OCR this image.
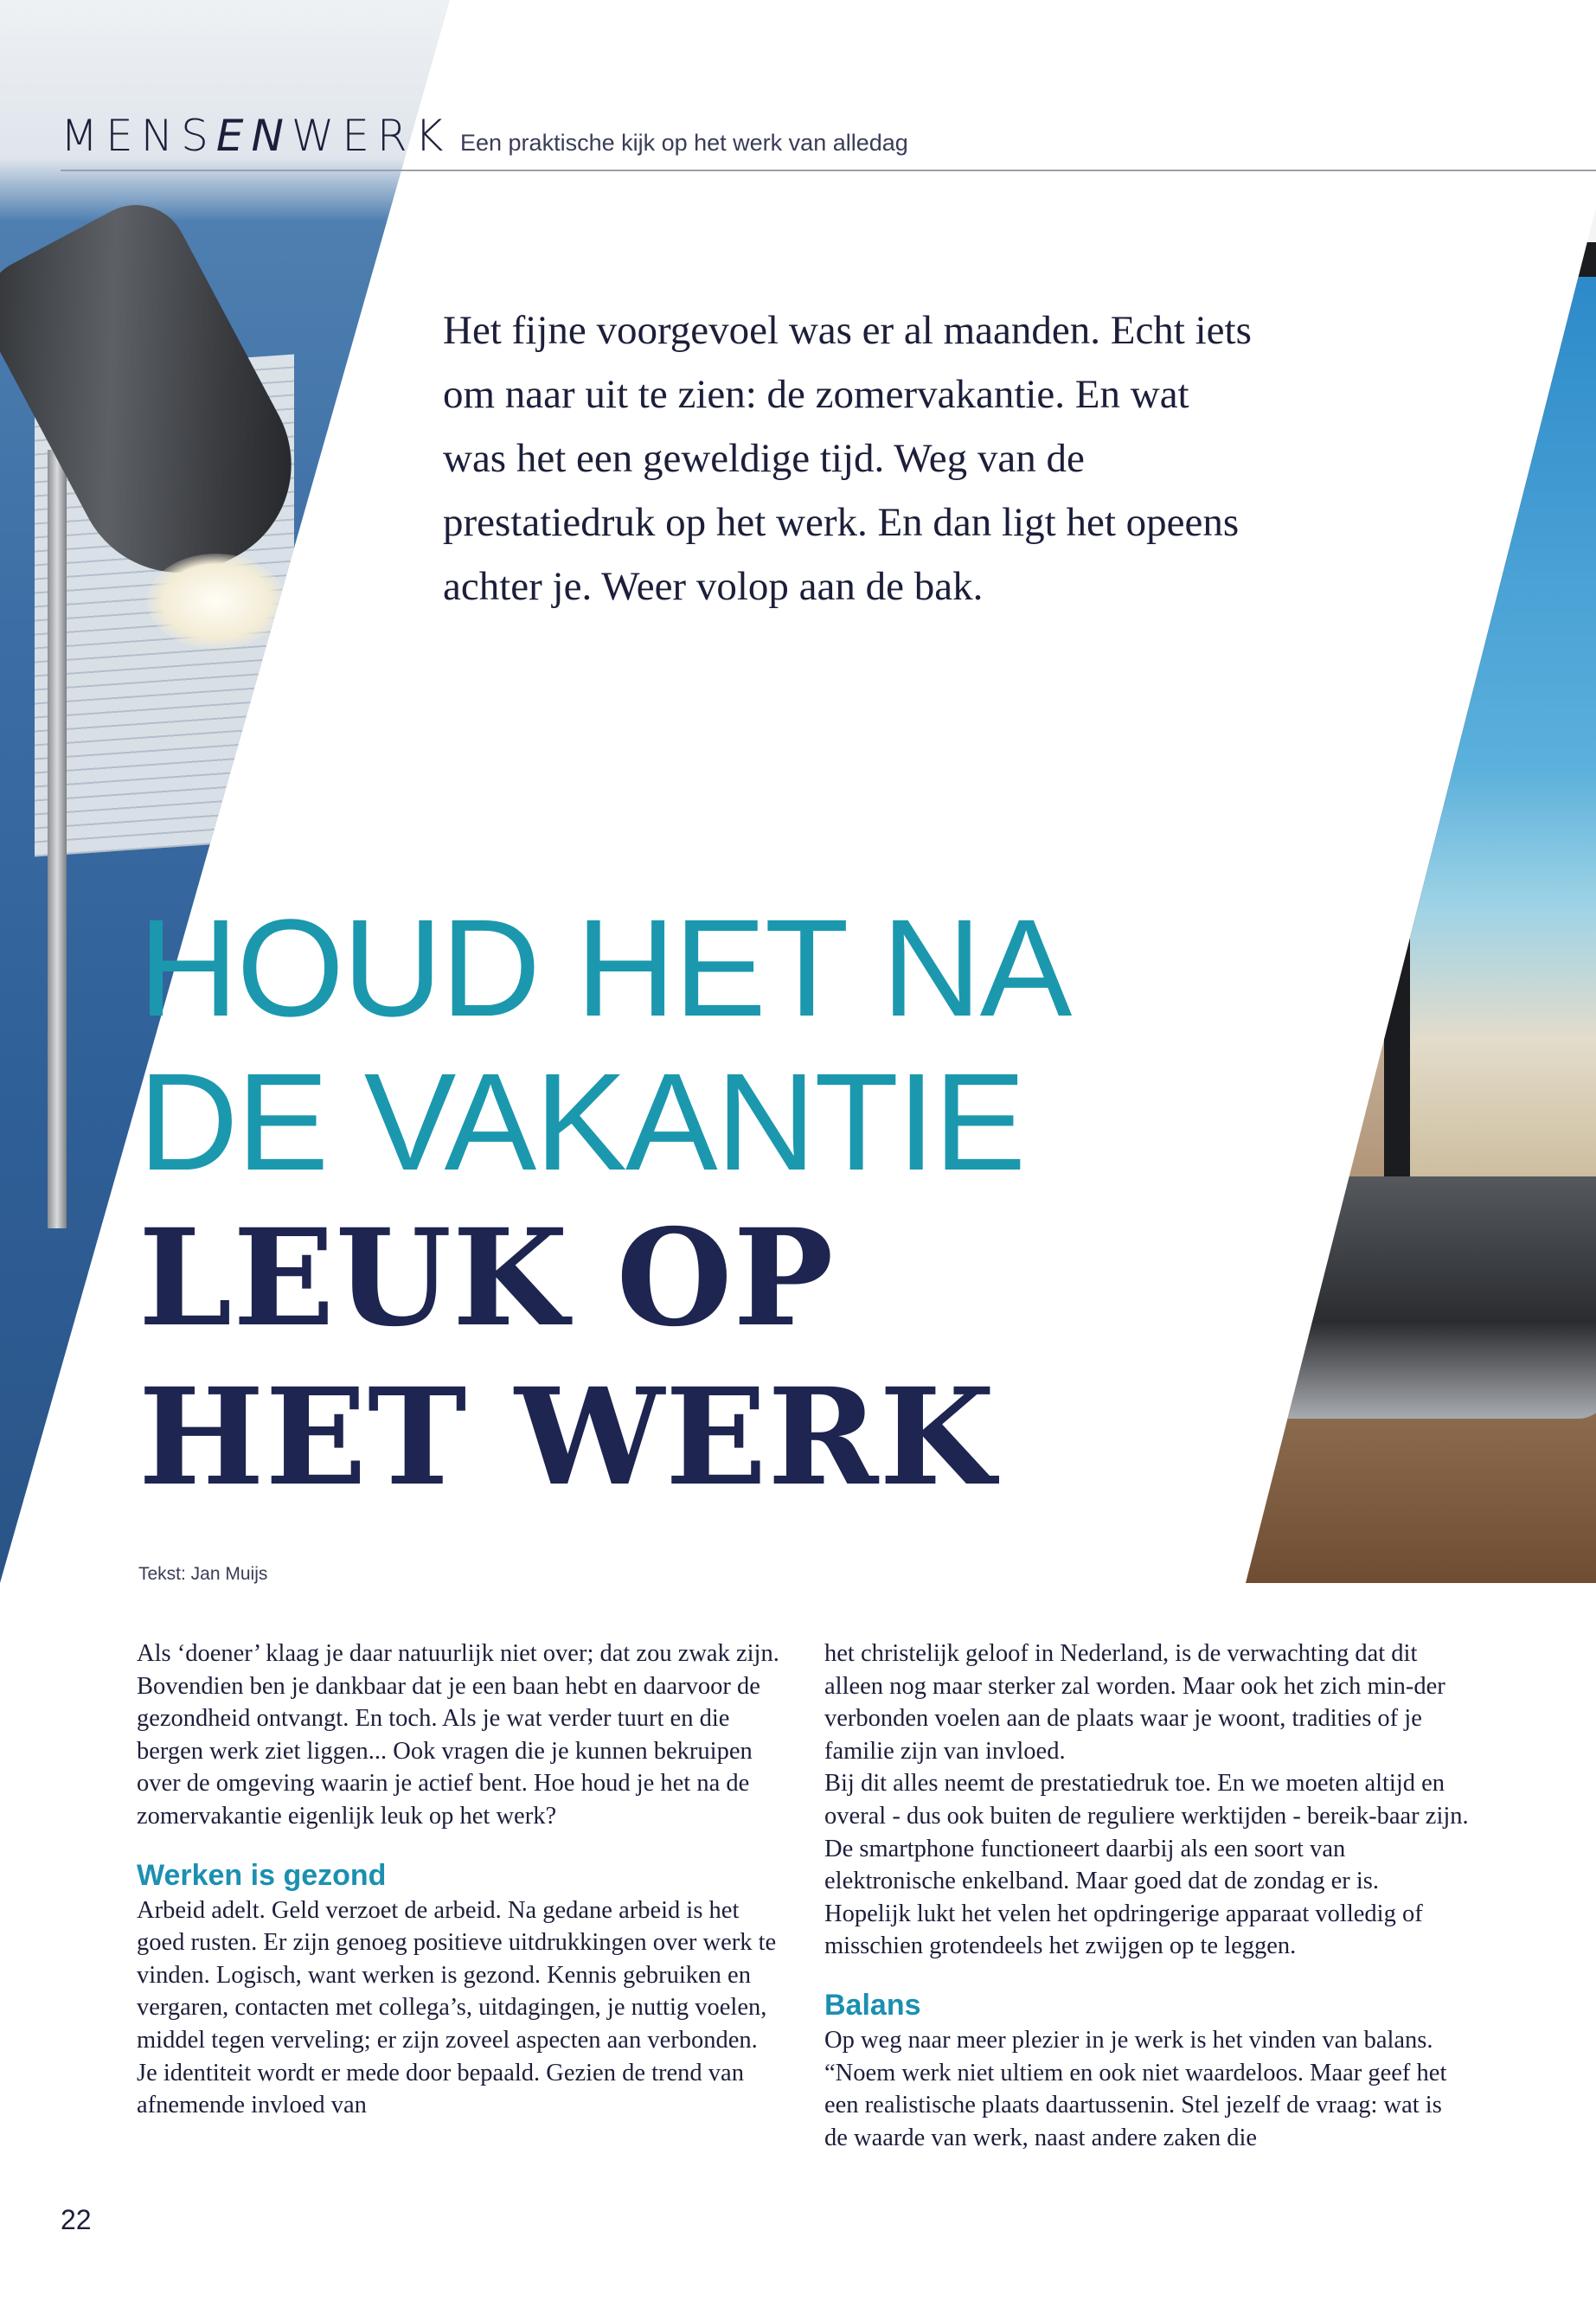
MENSENWERK Een praktische kijk op het werk van alledag
Het fijne voorgevoel was er al maanden. Echt iets om naar uit te zien: de zomervakantie. En wat was het een geweldige tijd. Weg van de prestatiedruk op het werk. En dan ligt het opeens achter je. Weer volop aan de bak.
HOUD HET NA
DE VAKANTIE
LEUK OP
HET WERK
Tekst: Jan Muijs

Als ‘doener’ klaag je daar natuurlijk niet over; dat zou zwak zijn. Bovendien ben je dankbaar dat je een baan hebt en daarvoor de gezondheid ontvangt. En toch. Als je wat verder tuurt en die bergen werk ziet liggen... Ook vragen die je kunnen bekruipen over de omgeving waarin je actief bent. Hoe houd je het na de zomervakantie eigenlijk leuk op het werk?

Werken is gezond

Arbeid adelt. Geld verzoet de arbeid. Na gedane arbeid is het goed rusten. Er zijn genoeg positieve uitdrukkingen over werk te vinden. Logisch, want werken is gezond. Kennis gebruiken en vergaren, contacten met collega’s, uitdagingen, je nuttig voelen, middel tegen verveling; er zijn zoveel aspecten aan verbonden. Je identiteit wordt er mede door bepaald. Gezien de trend van afnemende invloed van

het christelijk geloof in Nederland, is de verwachting dat dit alleen nog maar sterker zal worden. Maar ook het zich min-der verbonden voelen aan de plaats waar je woont, tradities of je familie zijn van invloed.

Bij dit alles neemt de prestatiedruk toe. En we moeten altijd en overal - dus ook buiten de reguliere werktijden - bereik-baar zijn. De smartphone functioneert daarbij als een soort van elektronische enkelband. Maar goed dat de zondag er is. Hopelijk lukt het velen het opdringerige apparaat volledig of misschien grotendeels het zwijgen op te leggen.

Balans

Op weg naar meer plezier in je werk is het vinden van balans. “Noem werk niet ultiem en ook niet waardeloos. Maar geef het een realistische plaats daartussenin. Stel jezelf de vraag: wat is de waarde van werk, naast andere zaken die

22
